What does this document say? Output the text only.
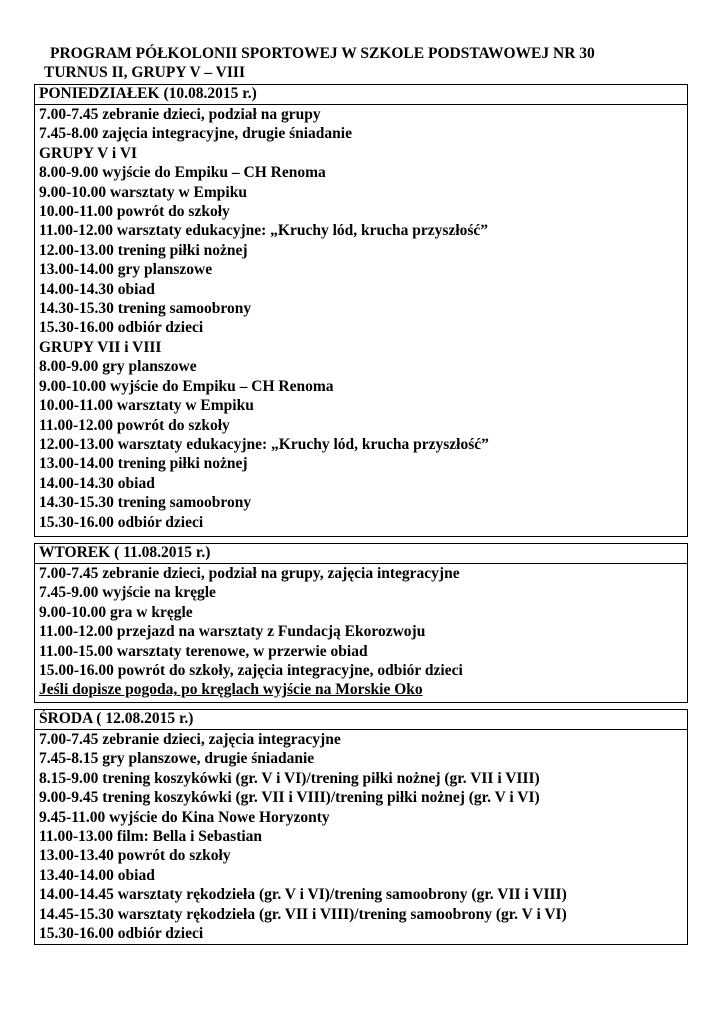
PROGRAM PÓŁKOLONII SPORTOWEJ W SZKOLE PODSTAWOWEJ NR 30
TURNUS II, GRUPY V – VIII
PONIEDZIAŁEK (10.08.2015 r.)
7.00-7.45 zebranie dzieci, podział na grupy
7.45-8.00 zajęcia integracyjne, drugie śniadanie
GRUPY V i VI
8.00-9.00 wyjście do Empiku – CH Renoma
9.00-10.00 warsztaty w Empiku
10.00-11.00 powrót do szkoły
11.00-12.00 warsztaty edukacyjne: „Kruchy lód, krucha przyszłość”
12.00-13.00 trening piłki nożnej
13.00-14.00 gry planszowe
14.00-14.30 obiad
14.30-15.30 trening samoobrony
15.30-16.00 odbiór dzieci
GRUPY VII i VIII
8.00-9.00 gry planszowe
9.00-10.00 wyjście do Empiku – CH Renoma
10.00-11.00 warsztaty w Empiku
11.00-12.00 powrót do szkoły
12.00-13.00 warsztaty edukacyjne: „Kruchy lód, krucha przyszłość”
13.00-14.00 trening piłki nożnej
14.00-14.30 obiad
14.30-15.30 trening samoobrony
15.30-16.00 odbiór dzieci
WTOREK ( 11.08.2015 r.)
7.00-7.45 zebranie dzieci, podział na grupy, zajęcia integracyjne
7.45-9.00 wyjście na kręgle
9.00-10.00 gra w kręgle
11.00-12.00 przejazd na warsztaty z Fundacją Ekorozwoju
11.00-15.00 warsztaty terenowe, w przerwie obiad
15.00-16.00 powrót do szkoły, zajęcia integracyjne, odbiór dzieci
Jeśli dopisze pogoda, po kręglach wyjście na Morskie Oko
ŚRODA ( 12.08.2015 r.)
7.00-7.45 zebranie dzieci, zajęcia integracyjne
7.45-8.15 gry planszowe, drugie śniadanie
8.15-9.00 trening koszykówki (gr. V i VI)/trening piłki nożnej (gr. VII i VIII)
9.00-9.45 trening koszykówki (gr. VII i VIII)/trening piłki nożnej (gr. V i VI)
9.45-11.00 wyjście do Kina Nowe Horyzonty
11.00-13.00 film: Bella i Sebastian
13.00-13.40 powrót do szkoły
13.40-14.00 obiad
14.00-14.45 warsztaty rękodzieła (gr. V i VI)/trening samoobrony (gr. VII i VIII)
14.45-15.30 warsztaty rękodzieła (gr. VII i VIII)/trening samoobrony (gr. V i VI)
15.30-16.00 odbiór dzieci
